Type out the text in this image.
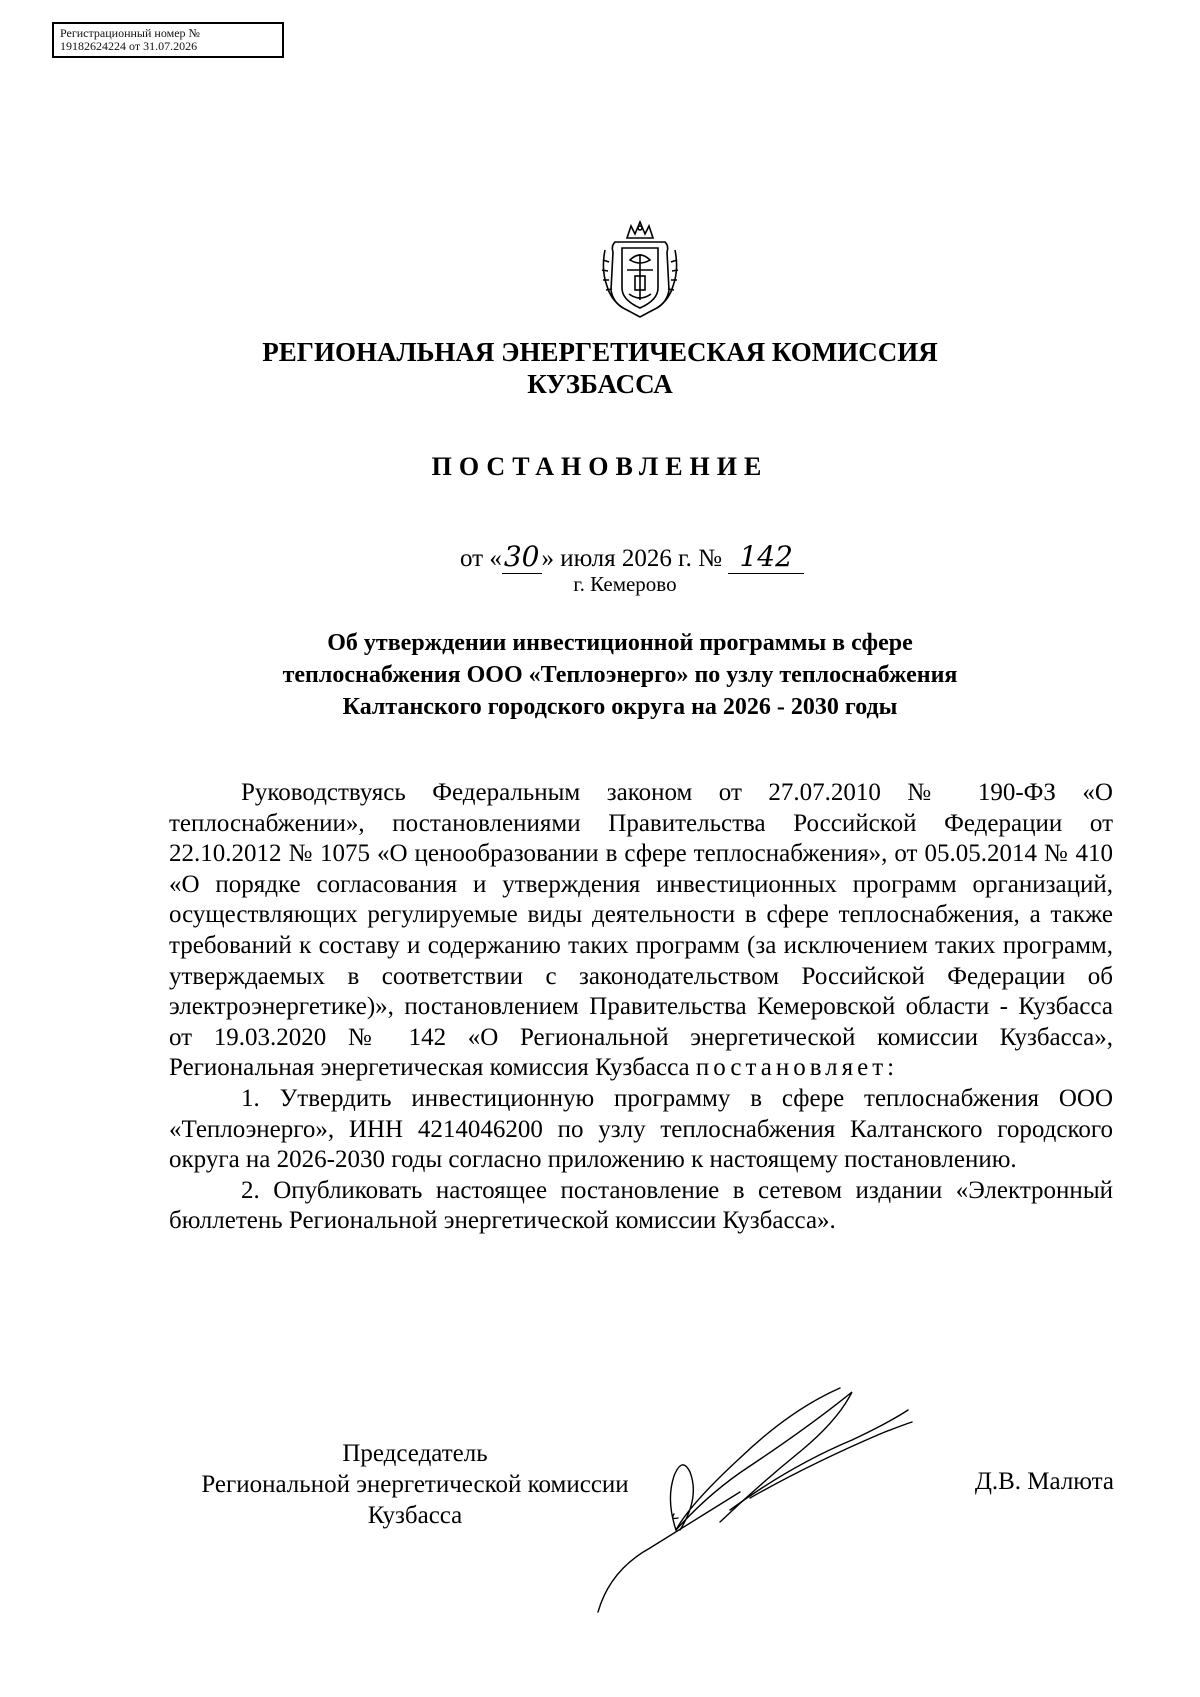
Регистрационный номер №
19182624224 от 31.07.2026
РЕГИОНАЛЬНАЯ ЭНЕРГЕТИЧЕСКАЯ КОМИССИЯ
КУЗБАССА
ПОСТАНОВЛЕНИЕ
от «30» июля 2026 г. № 142
г. Кемерово
Об утверждении инвестиционной программы в сфере
теплоснабжения ООО «Теплоэнерго» по узлу теплоснабжения
Калтанского городского округа на 2026 - 2030 годы

Руководствуясь Федеральным законом от 27.07.2010 № 190-ФЗ «О теплоснабжении», постановлениями Правительства Российской Федерации от 22.10.2012 № 1075 «О ценообразовании в сфере теплоснабжения», от 05.05.2014 № 410 «О порядке согласования и утверждения инвестиционных программ организаций, осуществляющих регулируемые виды деятельности в сфере теплоснабжения, а также требований к составу и содержанию таких программ (за исключением таких программ, утверждаемых в соответствии с законодательством Российской Федерации об электроэнергетике)», постановлением Правительства Кемеровской области - Кузбасса от 19.03.2020 № 142 «О Региональной энергетической комиссии Кузбасса», Региональная энергетическая комиссия Кузбасса постановляет:

1. Утвердить инвестиционную программу в сфере теплоснабжения ООО «Теплоэнерго», ИНН 4214046200 по узлу теплоснабжения Калтанского городского округа на 2026-2030 годы согласно приложению к настоящему постановлению.

2. Опубликовать настоящее постановление в сетевом издании «Электронный бюллетень Региональной энергетической комиссии Кузбасса».

Председатель
Региональной энергетической комиссии
Кузбасса
Д.В. Малюта
